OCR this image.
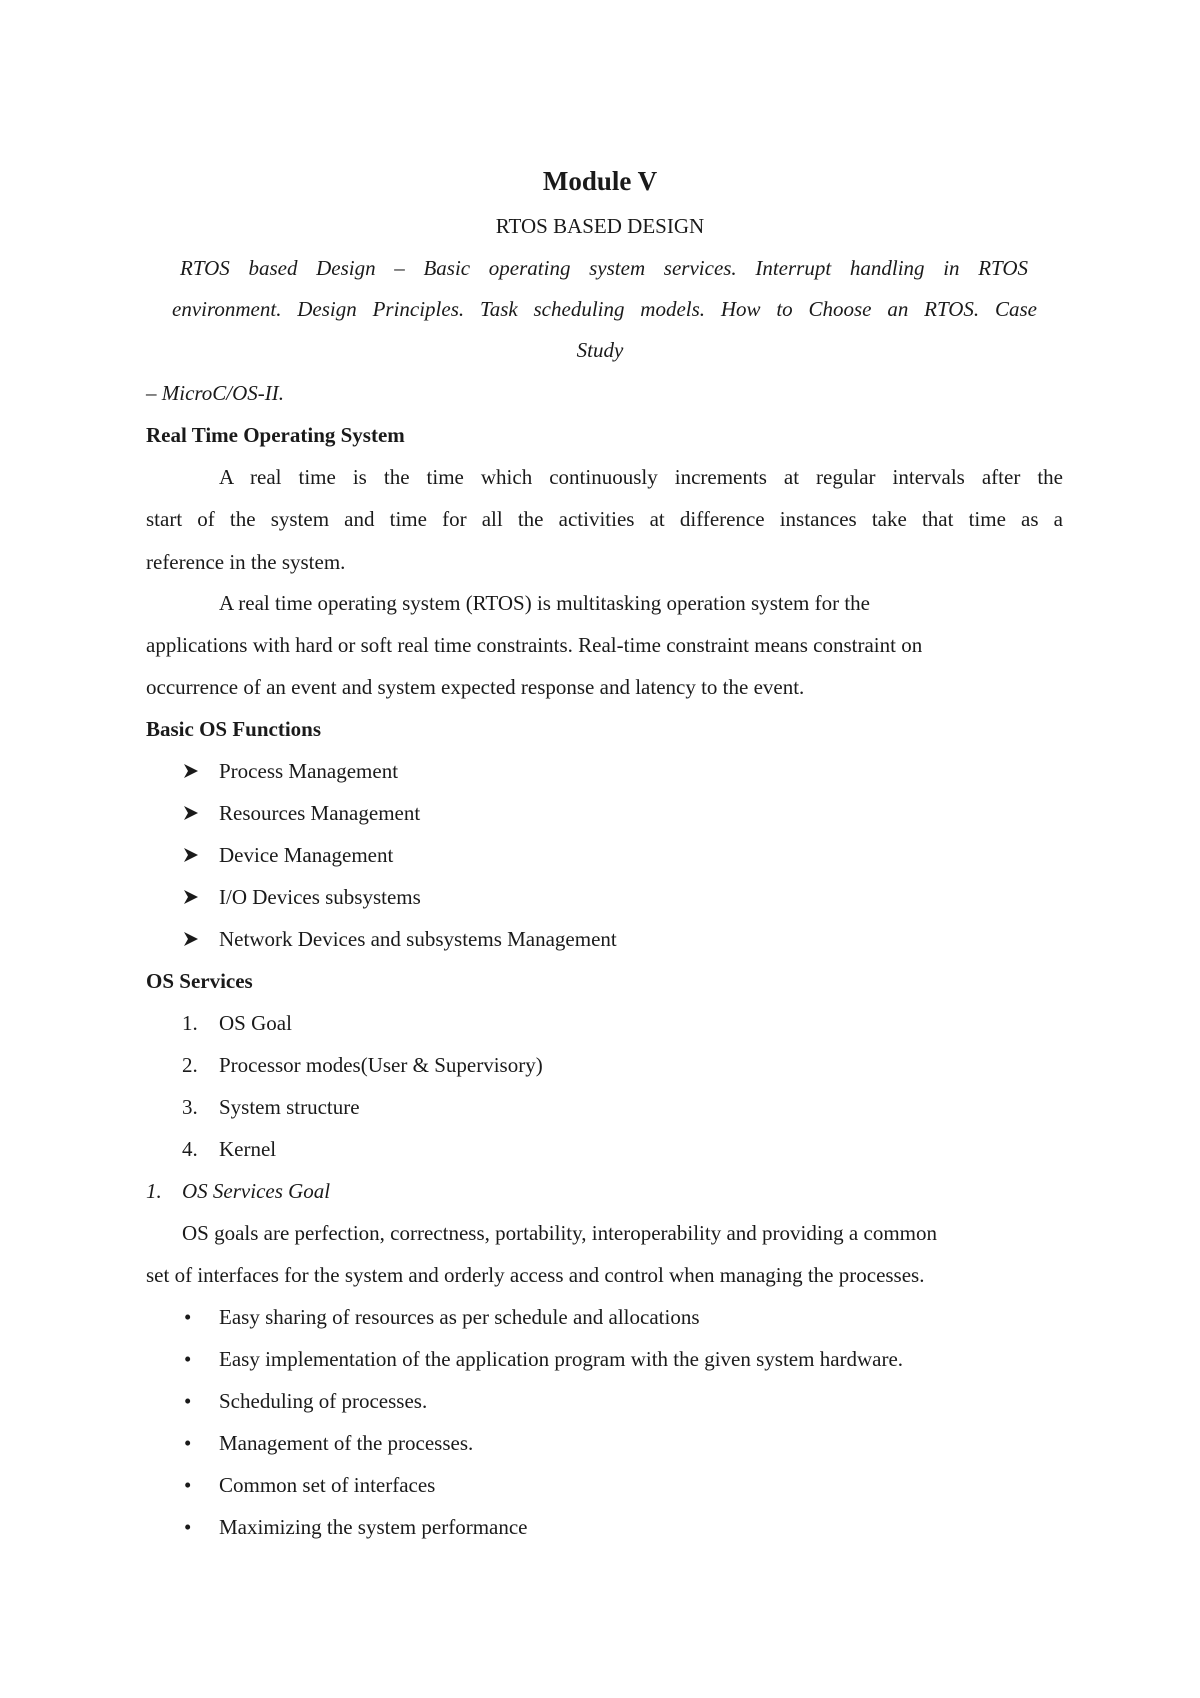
Module V
RTOS BASED DESIGN
RTOS based Design – Basic operating system services. Interrupt handling in RTOS
environment. Design Principles. Task scheduling models. How to Choose an RTOS. Case
Study
– MicroC/OS-II.
Real Time Operating System
A real time is the time which continuously increments at regular intervals after the
start of the system and time for all the activities at difference instances take that time as a
reference in the system.
A real time operating system (RTOS) is multitasking operation system for the
applications with hard or soft real time constraints. Real-time constraint means constraint on
occurrence of an event and system expected response and latency to the event.
Basic OS Functions
Process Management
Resources Management
Device Management
I/O Devices subsystems
Network Devices and subsystems Management
OS Services
1. OS Goal
2. Processor modes(User & Supervisory)
3. System structure
4. Kernel
1. OS Services Goal
OS goals are perfection, correctness, portability, interoperability and providing a common
set of interfaces for the system and orderly access and control when managing the processes.
• Easy sharing of resources as per schedule and allocations
• Easy implementation of the application program with the given system hardware.
• Scheduling of processes.
• Management of the processes.
• Common set of interfaces
• Maximizing the system performance
